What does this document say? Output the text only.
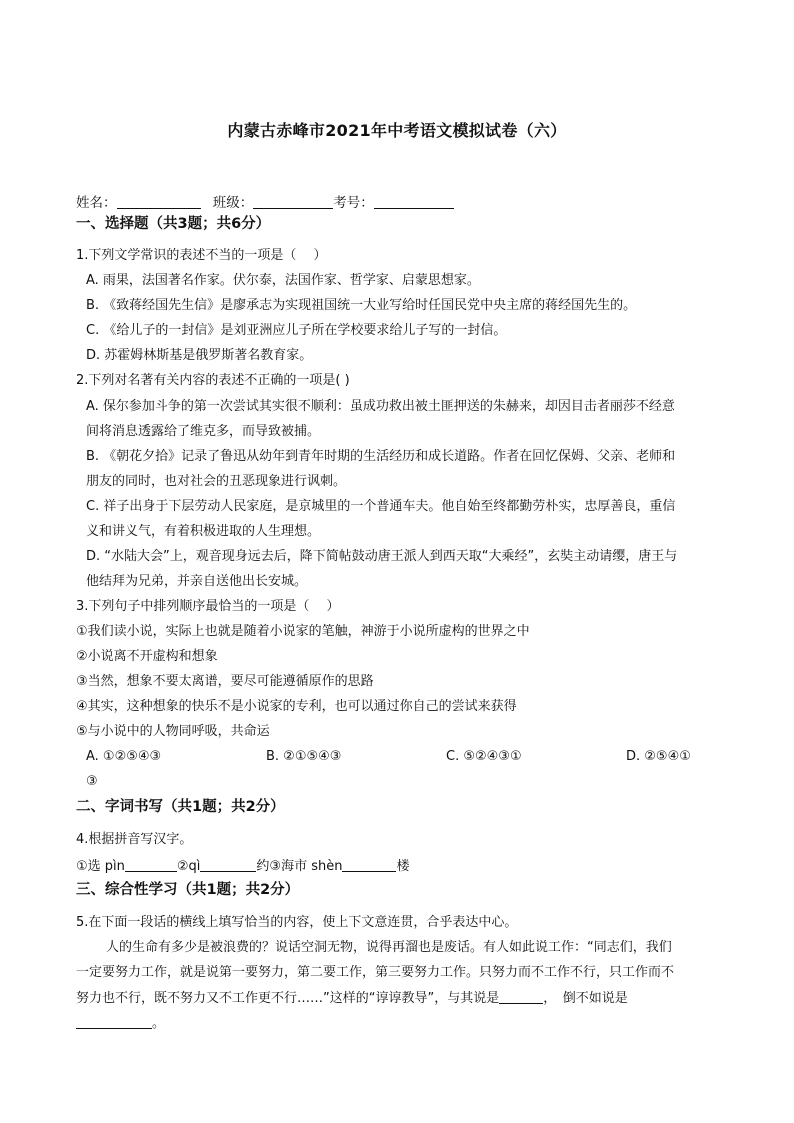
内蒙古赤峰市2021年中考语文模拟试卷（六）
姓名：	班级：	考号：
一、选择题（共3题；共6分）
1.下列文学常识的表述不当的一项是（　 ）
A. 雨果，法国著名作家。伏尔泰，法国作家、哲学家、启蒙思想家。
B. 《致蒋经国先生信》是廖承志为实现祖国统一大业写给时任国民党中央主席的蒋经国先生的。
C. 《给儿子的一封信》是刘亚洲应儿子所在学校要求给儿子写的一封信。
D. 苏霍姆林斯基是俄罗斯著名教育家。
2.下列对名著有关内容的表述不正确的一项是( )
A. 保尔参加斗争的第一次尝试其实很不顺利：虽成功救出被土匪押送的朱赫来，却因目击者丽莎不经意
间将消息透露给了维克多，而导致被捕。
B. 《朝花夕拾》记录了鲁迅从幼年到青年时期的生活经历和成长道路。作者在回忆保姆、父亲、老师和
朋友的同时，也对社会的丑恶现象进行讽刺。
C. 祥子出身于下层劳动人民家庭，是京城里的一个普通车夫。他自始至终都勤劳朴实，忠厚善良，重信
义和讲义气，有着积极进取的人生理想。
D. “水陆大会”上，观音现身远去后，降下简帖鼓动唐王派人到西天取“大乘经”，玄奘主动请缨，唐王与
他结拜为兄弟，并亲自送他出长安城。
3.下列句子中排列顺序最恰当的一项是（　 ）
①我们读小说，实际上也就是随着小说家的笔触，神游于小说所虚构的世界之中
②小说离不开虚构和想象
③当然，想象不要太离谱，要尽可能遵循原作的思路
④其实，这种想象的快乐不是小说家的专利，也可以通过你自己的尝试来获得
⑤与小说中的人物同呼吸，共命运
A. ①②⑤④③	B. ②①⑤④③	C. ⑤②④③①	D. ②⑤④①
③
二、字词书写（共1题；共2分）
4.根据拼音写汉字。
①选 pìn	②qì	约③海市 shèn	楼
三、综合性学习（共1题；共2分）
5.在下面一段话的横线上填写恰当的内容，使上下文意连贯，合乎表达中心。
人的生命有多少是被浪费的？说话空洞无物，说得再溜也是废话。有人如此说工作：“同志们，我们
一定要努力工作，就是说第一要努力，第二要工作，第三要努力工作。只努力而不工作不行，只工作而不
努力也不行，既不努力又不工作更不行……”这样的“谆谆教导”，与其说是	，　倒不如说是
。
